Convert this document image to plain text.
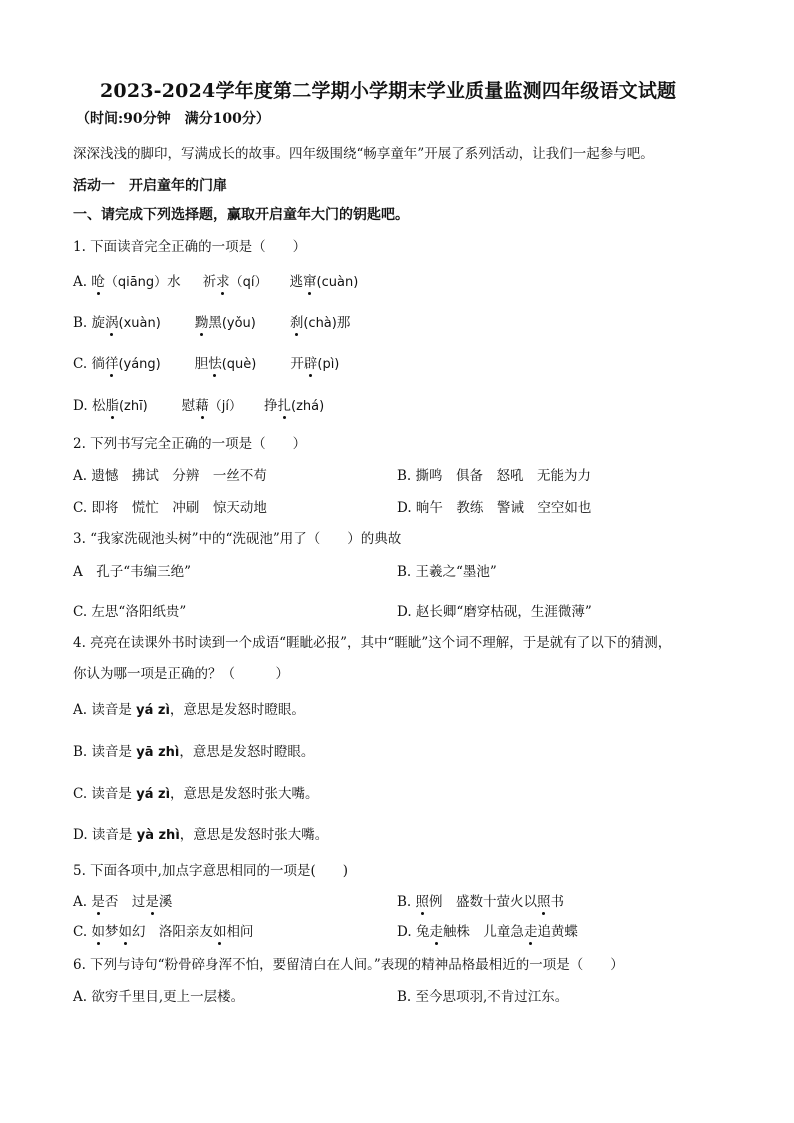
2023-2024学年度第二学期小学期末学业质量监测四年级语文试题
（时间:90分钟　满分100分）
深深浅浅的脚印，写满成长的故事。四年级围绕“畅享童年”开展了系列活动，让我们一起参与吧。
活动一　开启童年的门扉
一、请完成下列选择题，赢取开启童年大门的钥匙吧。
1. 下面读音完全正确的一项是（　　）
A. 呛（qiāng）水 祈求（qí） 逃窜(cuàn)
B. 旋涡(xuàn)	黝黑(yǒu)	刹(chà)那
C. 徜徉(yáng)	胆怯(què)	开辟(pì)
D. 松脂(zhī)	慰藉（jí） 挣扎(zhá)
2. 下列书写完全正确的一项是（　　）
A. 遗憾　拂试　分辨　一丝不苟	B. 撕鸣　俱备　怒吼　无能为力
C. 即将　慌忙　冲刷　惊天动地	D. 晌午　教练　警诫　空空如也
3. “我家洗砚池头树”中的“洗砚池”用了（　　）的典故
A　 孔子“韦编三绝”	B. 王羲之“墨池”
C. 左思“洛阳纸贵”	D. 赵长卿“磨穿枯砚，生涯微薄”
4. 亮亮在读课外书时读到一个成语“睚眦必报”，其中“睚眦”这个词不理解，于是就有了以下的猜测，
你认为哪一项是正确的？（　　　）
A. 读音是 yá zì，意思是发怒时瞪眼。
B. 读音是 yā zhì，意思是发怒时瞪眼。
C. 读音是 yá zì，意思是发怒时张大嘴。
D. 读音是 yà zhì，意思是发怒时张大嘴。
5. 下面各项中,加点字意思相同的一项是(　　)
A. 是否　过是溪	B. 照例　盛数十萤火以照书
C. 如梦如幻　洛阳亲友如相问	D. 兔走触株　儿童急走追黄蝶
6. 下列与诗句“粉骨碎身浑不怕，要留清白在人间。”表现的精神品格最相近的一项是（　　）
A. 欲穷千里目,更上一层楼。	B. 至今思项羽,不肯过江东。
